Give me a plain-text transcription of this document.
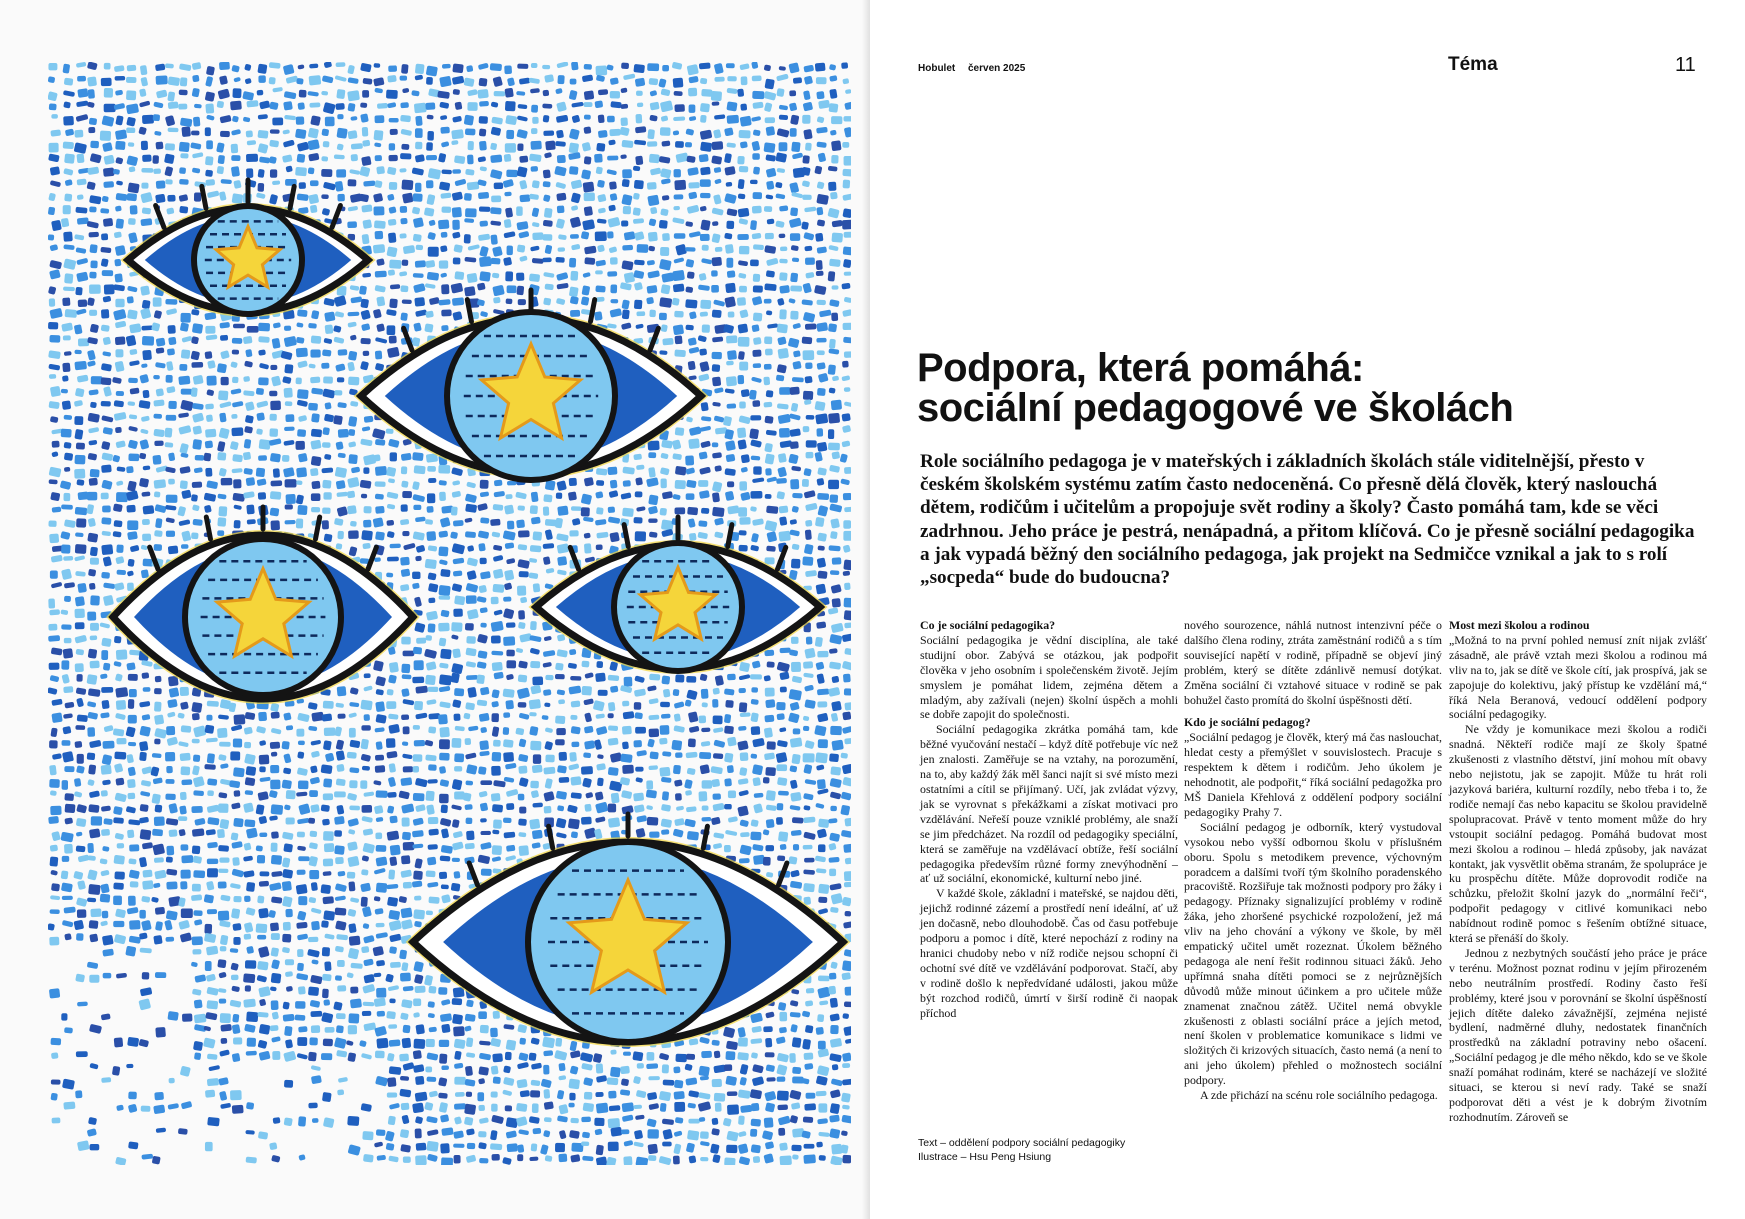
Hobulet červen 2025	Téma	11
Podpora, která pomáhá:
sociální pedagogové ve školách

Role sociálního pedagoga je v mateřských i základních školách stále viditelnější, přesto v českém školském systému zatím často nedoceněná. Co přesně dělá člověk, který naslouchá dětem, rodičům i učitelům a propojuje svět rodiny a školy? Často pomáhá tam, kde se věci zadrhnou. Jeho práce je pestrá, nenápadná, a přitom klíčová. Co je přesně sociální pedagogika a jak vypadá běžný den sociálního pedagoga, jak projekt na Sedmičce vznikal a jak to s rolí „socpeda“ bude do budoucna?

Co je sociální pedagogika?

Sociální pedagogika je vědní disciplína, ale také studijní obor. Zabývá se otázkou, jak podpořit člověka v jeho osobním i společenském životě. Jejím smyslem je pomáhat lidem, zejména dětem a mladým, aby zažívali (nejen) školní úspěch a mohli se dobře zapojit do společnosti.

Sociální pedagogika zkrátka pomáhá tam, kde běžné vyučování nestačí – když dítě potřebuje víc než jen znalosti. Zaměřuje se na vztahy, na porozumění, na to, aby každý žák měl šanci najít si své místo mezi ostatními a cítil se přijímaný. Učí, jak zvládat výzvy, jak se vyrovnat s překážkami a získat motivaci pro vzdělávání. Neřeší pouze vzniklé problémy, ale snaží se jim předcházet. Na rozdíl od pedagogiky speciální, která se zaměřuje na vzdělávací obtíže, řeší sociální pedagogika především různé formy znevýhodnění – ať už sociální, ekonomické, kulturní nebo jiné.

V každé škole, základní i mateřské, se najdou děti, jejichž rodinné zázemí a prostředí není ideální, ať už jen dočasně, nebo dlouhodobě. Čas od času potřebuje podporu a pomoc i dítě, které nepochází z rodiny na hranici chudoby nebo v níž rodiče nejsou schopní či ochotní své dítě ve vzdělávání podporovat. Stačí, aby v rodině došlo k nepředvídané události, jakou může být rozchod rodičů, úmrtí v širší rodině či naopak příchod

nového sourozence, náhlá nutnost intenzivní péče o dalšího člena rodiny, ztráta zaměstnání rodičů a s tím související napětí v rodině, případně se objeví jiný problém, který se dítěte zdánlivě nemusí dotýkat. Změna sociální či vztahové situace v rodině se pak bohužel často promítá do školní úspěšnosti dětí.

Kdo je sociální pedagog?

„Sociální pedagog je člověk, který má čas naslouchat, hledat cesty a přemýšlet v souvislostech. Pracuje s respektem k dětem i rodičům. Jeho úkolem je nehodnotit, ale podpořit,“ říká sociální pedagožka pro MŠ Daniela Křehlová z oddělení podpory sociální pedagogiky Prahy 7.

Sociální pedagog je odborník, který vystudoval vysokou nebo vyšší odbornou školu v příslušném oboru. Spolu s metodikem prevence, výchovným poradcem a dalšími tvoří tým školního poradenského pracoviště. Rozšiřuje tak možnosti podpory pro žáky i pedagogy. Příznaky signalizující problémy v rodině žáka, jeho zhoršené psychické rozpoložení, jež má vliv na jeho chování a výkony ve škole, by měl empatický učitel umět rozeznat. Úkolem běžného pedagoga ale není řešit rodinnou situaci žáků. Jeho upřímná snaha dítěti pomoci se z nejrůznějších důvodů může minout účinkem a pro učitele může znamenat značnou zátěž. Učitel nemá obvykle zkušenosti z oblasti sociální práce a jejích metod, není školen v problematice komunikace s lidmi ve složitých či krizových situacích, často nemá (a není to ani jeho úkolem) přehled o možnostech sociální podpory.

A zde přichází na scénu role sociálního pedagoga.

Most mezi školou a rodinou

„Možná to na první pohled nemusí znít nijak zvlášť zásadně, ale právě vztah mezi školou a rodinou má vliv na to, jak se dítě ve škole cítí, jak prospívá, jak se zapojuje do kolektivu, jaký přístup ke vzdělání má,“ říká Nela Beranová, vedoucí oddělení podpory sociální pedagogiky.

Ne vždy je komunikace mezi školou a rodiči snadná. Někteří rodiče mají ze školy špatné zkušenosti z vlastního dětství, jiní mohou mít obavy nebo nejistotu, jak se zapojit. Může tu hrát roli jazyková bariéra, kulturní rozdíly, nebo třeba i to, že rodiče nemají čas nebo kapacitu se školou pravidelně spolupracovat. Právě v tento moment může do hry vstoupit sociální pedagog. Pomáhá budovat most mezi školou a rodinou – hledá způsoby, jak navázat kontakt, jak vysvětlit oběma stranám, že spolupráce je ku prospěchu dítěte. Může doprovodit rodiče na schůzku, přeložit školní jazyk do „normální řeči“, podpořit pedagogy v citlivé komunikaci nebo nabídnout rodině pomoc s řešením obtížné situace, která se přenáší do školy.

Jednou z nezbytných součástí jeho práce je práce v terénu. Možnost poznat rodinu v jejím přirozeném nebo neutrálním prostředí. Rodiny často řeší problémy, které jsou v porovnání se školní úspěšností jejich dítěte daleko závažnější, zejména nejisté bydlení, nadměrné dluhy, nedostatek finančních prostředků na základní potraviny nebo ošacení. „Sociální pedagog je dle mého někdo, kdo se ve škole snaží pomáhat rodinám, které se nacházejí ve složité situaci, se kterou si neví rady. Také se snaží podporovat děti a vést je k dobrým životním rozhodnutím. Zároveň se

Text – oddělení podpory sociální pedagogiky
Ilustrace – Hsu Peng Hsiung
